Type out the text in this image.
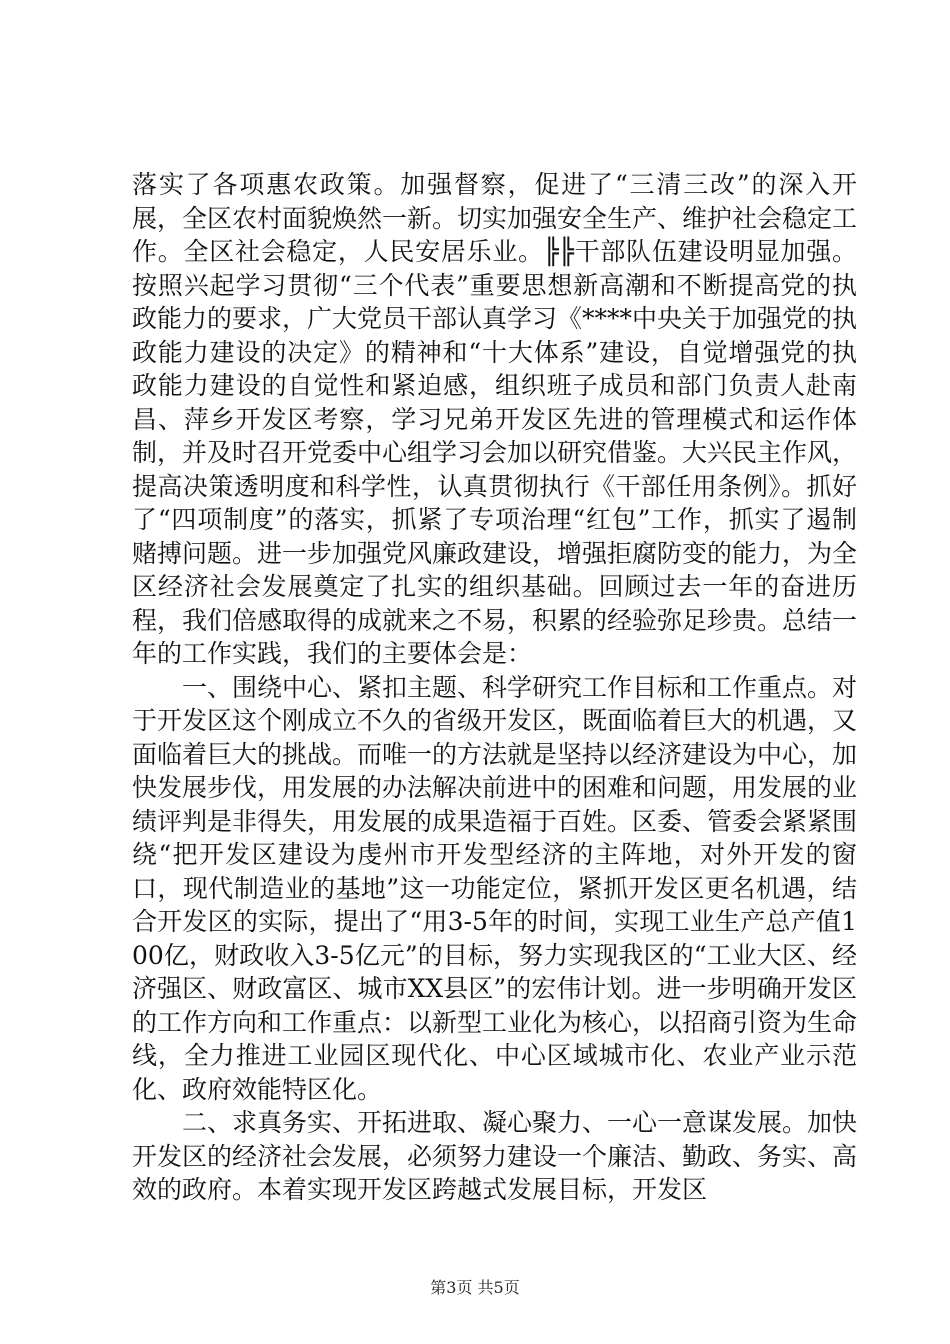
落实了各项惠农政策。加强督察，促进了“三清三改”的深入开展，全区农村面貌焕然一新。切实加强安全生产、维护社会稳定工作。全区社会稳定，人民安居乐业。╠╠干部队伍建设明显加强。按照兴起学习贯彻“三个代表”重要思想新高潮和不断提高党的执政能力的要求，广大党员干部认真学习《****中央关于加强党的执政能力建设的决定》的精神和“十大体系”建设，自觉增强党的执政能力建设的自觉性和紧迫感，组织班子成员和部门负责人赴南昌、萍乡开发区考察，学习兄弟开发区先进的管理模式和运作体制，并及时召开党委中心组学习会加以研究借鉴。大兴民主作风，提高决策透明度和科学性，认真贯彻执行《干部任用条例》。抓好了“四项制度”的落实，抓紧了专项治理“红包”工作，抓实了遏制赌搏问题。进一步加强党风廉政建设，增强拒腐防变的能力，为全区经济社会发展奠定了扎实的组织基础。回顾过去一年的奋进历程，我们倍感取得的成就来之不易，积累的经验弥足珍贵。总结一年的工作实践，我们的主要体会是：

一、围绕中心、紧扣主题、科学研究工作目标和工作重点。对于开发区这个刚成立不久的省级开发区，既面临着巨大的机遇，又面临着巨大的挑战。而唯一的方法就是坚持以经济建设为中心，加快发展步伐，用发展的办法解决前进中的困难和问题，用发展的业绩评判是非得失，用发展的成果造福于百姓。区委、管委会紧紧围绕“把开发区建设为虔州市开发型经济的主阵地，对外开发的窗口，现代制造业的基地”这一功能定位，紧抓开发区更名机遇，结合开发区的实际，提出了“用3-5年的时间，实现工业生产总产值100亿，财政收入3-5亿元”的目标，努力实现我区的“工业大区、经济强区、财政富区、城市XX县区”的宏伟计划。进一步明确开发区的工作方向和工作重点：以新型工业化为核心，以招商引资为生命线，全力推进工业园区现代化、中心区域城市化、农业产业示范化、政府效能特区化。

二、求真务实、开拓进取、凝心聚力、一心一意谋发展。加快开发区的经济社会发展，必须努力建设一个廉洁、勤政、务实、高效的政府。本着实现开发区跨越式发展目标，开发区

第3页 共5页
